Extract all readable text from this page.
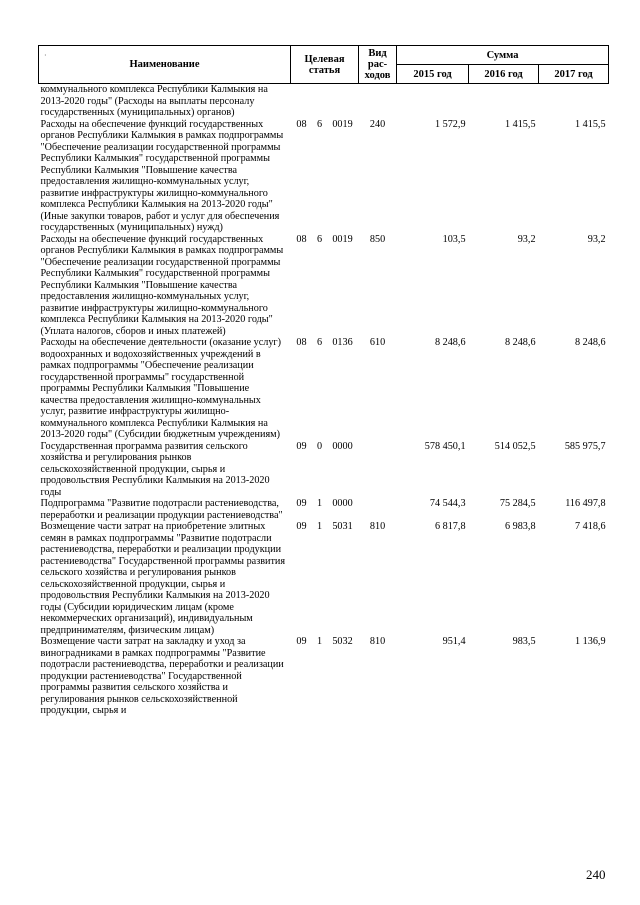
·
Наименование	Целевая статья			Вид рас-ходов	Сумма		
					2015 год	2016 год	2017 год
коммунального комплекса Республики Калмыкия на 2013-2020 годы" (Расходы на выплаты персоналу государственных (муниципальных) органов)							
Расходы на обеспечение функций государственных органов Республики Калмыкия в рамках подпрограммы "Обеспечение реализации государственной программы Республики Калмыкия" государственной программы Республики Калмыкия "Повышение качества предоставления жилищно-коммунальных услуг, развитие инфраструктуры жилищно-коммунального комплекса Республики Калмыкия на 2013-2020 годы" (Иные закупки товаров, работ и услуг для обеспечения государственных (муниципальных) нужд)	08	6	0019	240	1 572,9	1 415,5	1 415,5
Расходы на обеспечение функций государственных органов Республики Калмыкия в рамках подпрограммы "Обеспечение реализации государственной программы Республики Калмыкия" государственной программы Республики Калмыкия "Повышение качества предоставления жилищно-коммунальных услуг, развитие инфраструктуры жилищно-коммунального комплекса Республики Калмыкия на 2013-2020 годы" (Уплата налогов, сборов и иных платежей)	08	6	0019	850	103,5	93,2	93,2
Расходы на обеспечение деятельности (оказание услуг) водоохранных и водохозяйственных учреждений в рамках подпрограммы "Обеспечение реализации государственной программы" государственной программы Республики Калмыкия "Повышение качества предоставления жилищно-коммунальных услуг, развитие инфраструктуры жилищно-коммунального комплекса Республики Калмыкия на 2013-2020 годы" (Субсидии бюджетным учреждениям)	08	6	0136	610	8 248,6	8 248,6	8 248,6
Государственная программа развития сельского хозяйства и регулирования рынков сельскохозяйственной продукции, сырья и продовольствия Республики Калмыкия на 2013-2020 годы	09	0	0000		578 450,1	514 052,5	585 975,7
Подпрограмма "Развитие подотрасли растениеводства, переработки и реализации продукции растениеводства"	09	1	0000		74 544,3	75 284,5	116 497,8
Возмещение части затрат на приобретение элитных семян в рамках подпрограммы "Развитие подотрасли растениеводства, переработки и реализации продукции растениеводства" Государственной программы развития сельского хозяйства и регулирования рынков сельскохозяйственной продукции, сырья и продовольствия Республики Калмыкия на 2013-2020 годы (Субсидии юридическим лицам (кроме некоммерческих организаций), индивидуальным предпринимателям, физическим лицам)	09	1	5031	810	6 817,8	6 983,8	7 418,6
Возмещение части затрат на закладку и уход за виноградниками в рамках подпрограммы "Развитие подотрасли растениеводства, переработки и реализации продукции растениеводства" Государственной программы развития сельского хозяйства и регулирования рынков сельскохозяйственной продукции, сырья и	09	1	5032	810	951,4	983,5	1 136,9
240
